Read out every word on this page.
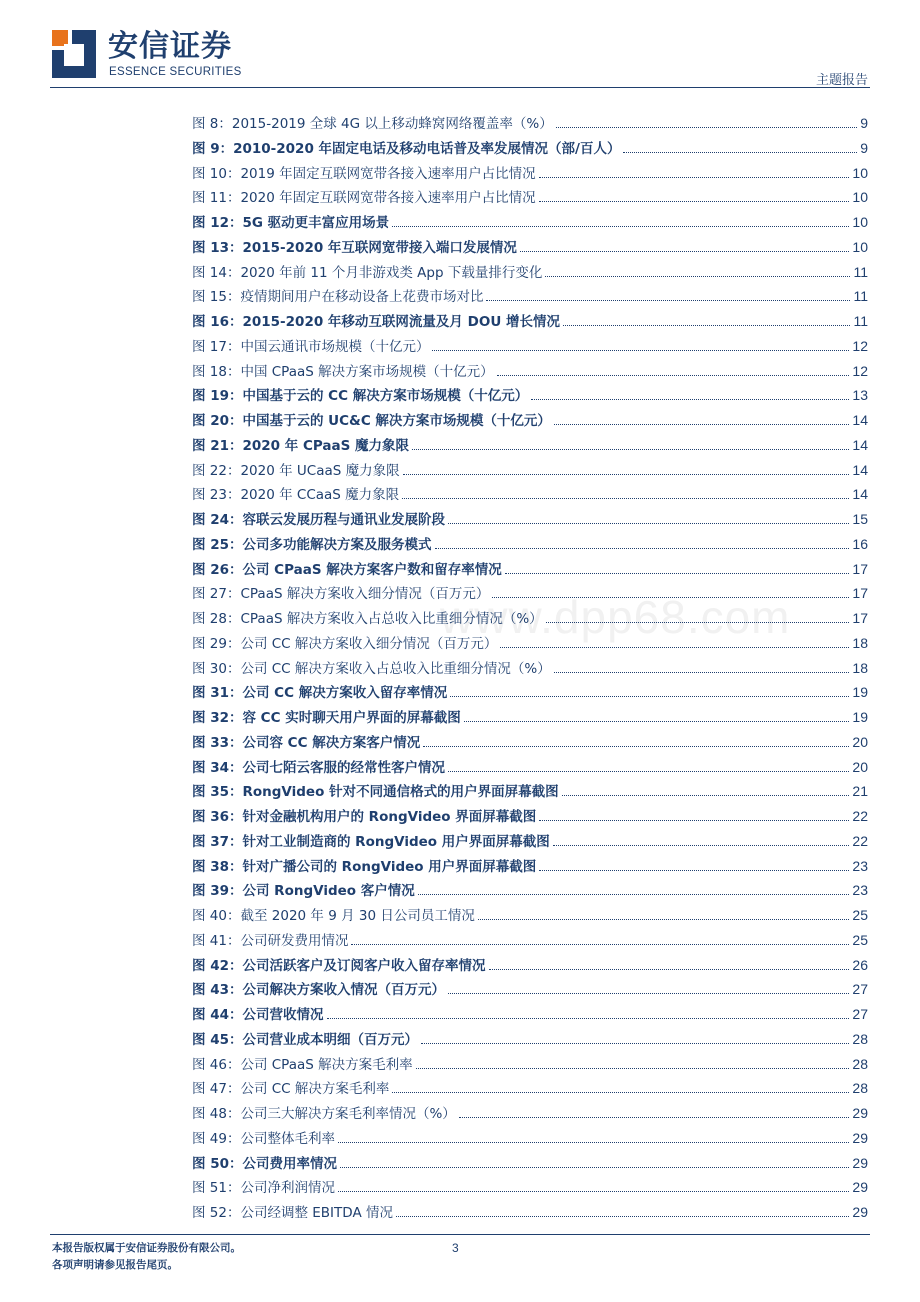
安信证券
ESSENCE SECURITIES
主题报告
www.dpp68.com
图 8：2015-2019 全球 4G 以上移动蜂窝网络覆盖率（%）	9
图 9：2010-2020 年固定电话及移动电话普及率发展情况（部/百人）	9
图 10：2019 年固定互联网宽带各接入速率用户占比情况	10
图 11：2020 年固定互联网宽带各接入速率用户占比情况	10
图 12：5G 驱动更丰富应用场景	10
图 13：2015-2020 年互联网宽带接入端口发展情况	10
图 14：2020 年前 11 个月非游戏类 App 下载量排行变化	11
图 15：疫情期间用户在移动设备上花费市场对比	11
图 16：2015-2020 年移动互联网流量及月 DOU 增长情况	11
图 17：中国云通讯市场规模（十亿元）	12
图 18：中国 CPaaS 解决方案市场规模（十亿元）	12
图 19：中国基于云的 CC 解决方案市场规模（十亿元）	13
图 20：中国基于云的 UC&C 解决方案市场规模（十亿元）	14
图 21：2020 年 CPaaS 魔力象限	14
图 22：2020 年 UCaaS 魔力象限	14
图 23：2020 年 CCaaS 魔力象限	14
图 24：容联云发展历程与通讯业发展阶段	15
图 25：公司多功能解决方案及服务模式	16
图 26：公司 CPaaS 解决方案客户数和留存率情况	17
图 27：CPaaS 解决方案收入细分情况（百万元）	17
图 28：CPaaS 解决方案收入占总收入比重细分情况（%）	17
图 29：公司 CC 解决方案收入细分情况（百万元）	18
图 30：公司 CC 解决方案收入占总收入比重细分情况（%）	18
图 31：公司 CC 解决方案收入留存率情况	19
图 32：容 CC 实时聊天用户界面的屏幕截图	19
图 33：公司容 CC 解决方案客户情况	20
图 34：公司七陌云客服的经常性客户情况	20
图 35：RongVideo 针对不同通信格式的用户界面屏幕截图	21
图 36：针对金融机构用户的 RongVideo 界面屏幕截图	22
图 37：针对工业制造商的 RongVideo 用户界面屏幕截图	22
图 38：针对广播公司的 RongVideo 用户界面屏幕截图	23
图 39：公司 RongVideo 客户情况	23
图 40：截至 2020 年 9 月 30 日公司员工情况	25
图 41：公司研发费用情况	25
图 42：公司活跃客户及订阅客户收入留存率情况	26
图 43：公司解决方案收入情况（百万元）	27
图 44：公司营收情况	27
图 45：公司营业成本明细（百万元）	28
图 46：公司 CPaaS 解决方案毛利率	28
图 47：公司 CC 解决方案毛利率	28
图 48：公司三大解决方案毛利率情况（%）	29
图 49：公司整体毛利率	29
图 50：公司费用率情况	29
图 51：公司净利润情况	29
图 52：公司经调整 EBITDA 情况	29
本报告版权属于安信证券股份有限公司。
各项声明请参见报告尾页。
3
